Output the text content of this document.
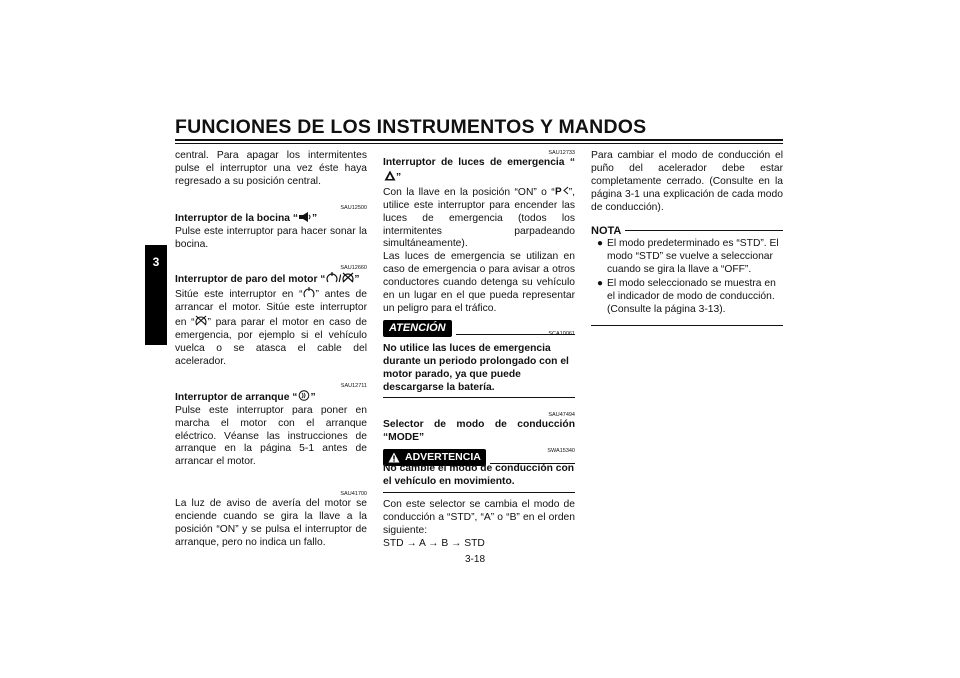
FUNCIONES DE LOS INSTRUMENTOS Y MANDOS
3

central. Para apagar los intermitentes pulse el interruptor una vez éste haya regresado a su posición central.

SAU12500

Interruptor de la bocina “ ”

Pulse este interruptor para hacer sonar la bocina.

SAU12660

Interruptor de paro del motor “ / ”

Sitúe este interruptor en “ ” antes de arrancar el motor. Sitúe este interruptor en “ ” para parar el motor en caso de emergencia, por ejemplo si el vehículo vuelca o se atasca el cable del acelerador.

SAU12711

Interruptor de arranque “ ”

Pulse este interruptor para poner en marcha el motor con el arranque eléctrico. Véanse las instrucciones de arranque en la página 5-1 antes de arrancar el motor.

SAU41700

La luz de aviso de avería del motor se enciende cuando se gira la llave a la posición “ON” y se pulsa el interruptor de arranque, pero no indica un fallo.

SAU12733

Interruptor de luces de emergencia “”

Con la llave en la posición “ON” o “ P ”, utilice este interruptor para encender las luces de emergencia (todos los intermitentes parpadeando simultáneamente).

Las luces de emergencia se utilizan en caso de emergencia o para avisar a otros conductores cuando detenga su vehículo en un lugar en el que pueda representar un peligro para el tráfico.

ATENCIÓN	SCA10061

No utilice las luces de emergencia durante un periodo prolongado con el motor parado, ya que puede descargarse la batería.

SAU47494

Selector de modo de conducción “MODE”

ADVERTENCIA
SWA15340

No cambie el modo de conducción con el vehículo en movimiento.

Con este selector se cambia el modo de conducción a “STD”, “A” o “B” en el orden siguiente:

STD → A → B → STD

Para cambiar el modo de conducción el puño del acelerador debe estar completamente cerrado. (Consulte en la página 3-1 una explicación de cada modo de conducción).

NOTA
● El modo predeterminado es “STD”. El modo “STD” se vuelve a seleccionar cuando se gira la llave a “OFF”.
● El modo seleccionado se muestra en el indicador de modo de conducción. (Consulte la página 3-13).
3-18
